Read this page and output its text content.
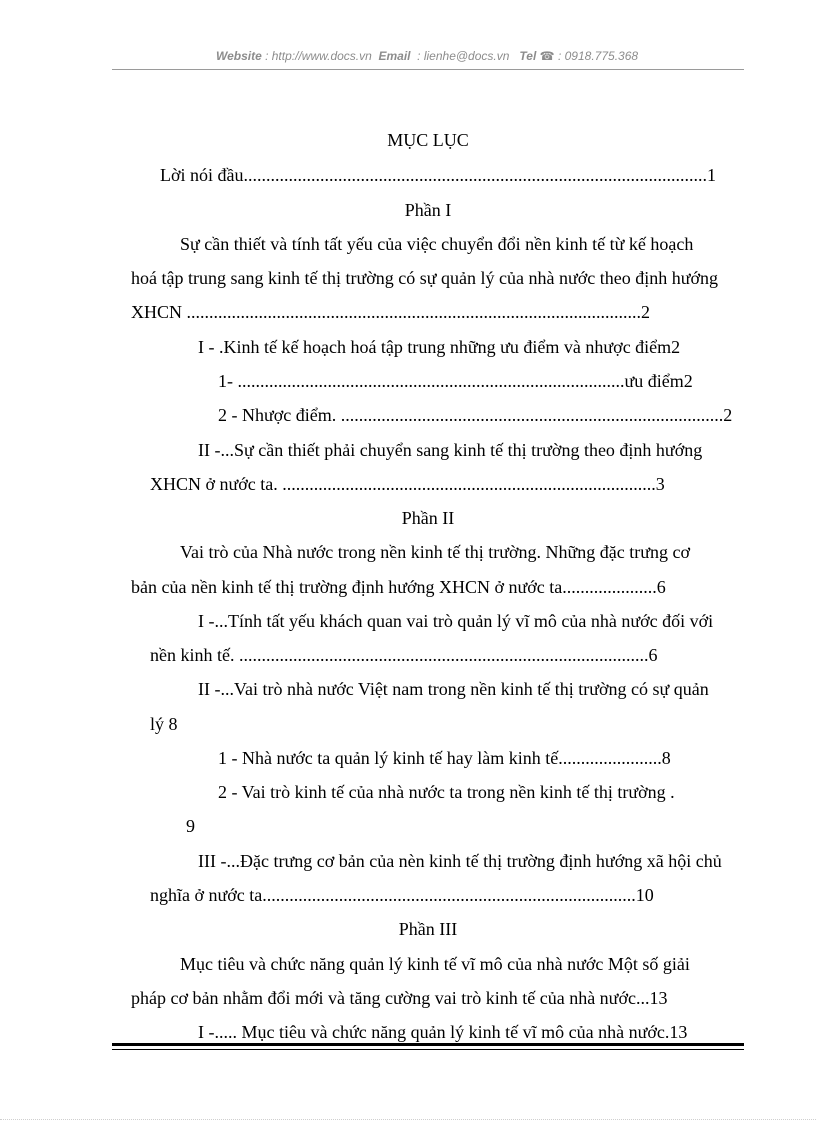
Website : http://www.docs.vn Email : lienhe@docs.vn Tel ☎ : 0918.775.368
MỤC LỤC
Lời nói đầu.......................................................................................................1
Phần I
Sự cần thiết và tính tất yếu của việc chuyển đổi nền kinh tế từ kế hoạch
hoá tập trung sang kinh tế thị trường có sự quản lý của nhà nước theo định hướng
XHCN .....................................................................................................2
I - .Kinh tế kế hoạch hoá tập trung những ưu điểm và nhược điểm2
1- ......................................................................................ưu điểm2
2 - Nhược điểm. .....................................................................................2
II -...Sự cần thiết phải chuyển sang kinh tế thị trường theo định hướng
XHCN ở nước ta. ...................................................................................3
Phần II
Vai trò của Nhà nước trong nền kinh tế thị trường. Những đặc trưng cơ
bản của nền kinh tế thị trường định hướng XHCN ở nước ta.....................6
I -...Tính tất yếu khách quan vai trò quản lý vĩ mô của nhà nước đối với
nền kinh tế. ...........................................................................................6
II -...Vai trò nhà nước Việt nam trong nền kinh tế thị trường có sự quản
lý 8
1 - Nhà nước ta quản lý kinh tế hay làm kinh tế.......................8
2 - Vai trò kinh tế của nhà nước ta trong nền kinh tế thị trường .
9
III -...Đặc trưng cơ bản của nèn kinh tế thị trường định hướng xã hội chủ
nghĩa ở nước ta...................................................................................10
Phần III
Mục tiêu và chức năng quản lý kinh tế vĩ mô của nhà nước Một số giải
pháp cơ bản nhằm đổi mới và tăng cường vai trò kinh tế của nhà nước...13
I -..... Mục tiêu và chức năng quản lý kinh tế vĩ mô của nhà nước.13
